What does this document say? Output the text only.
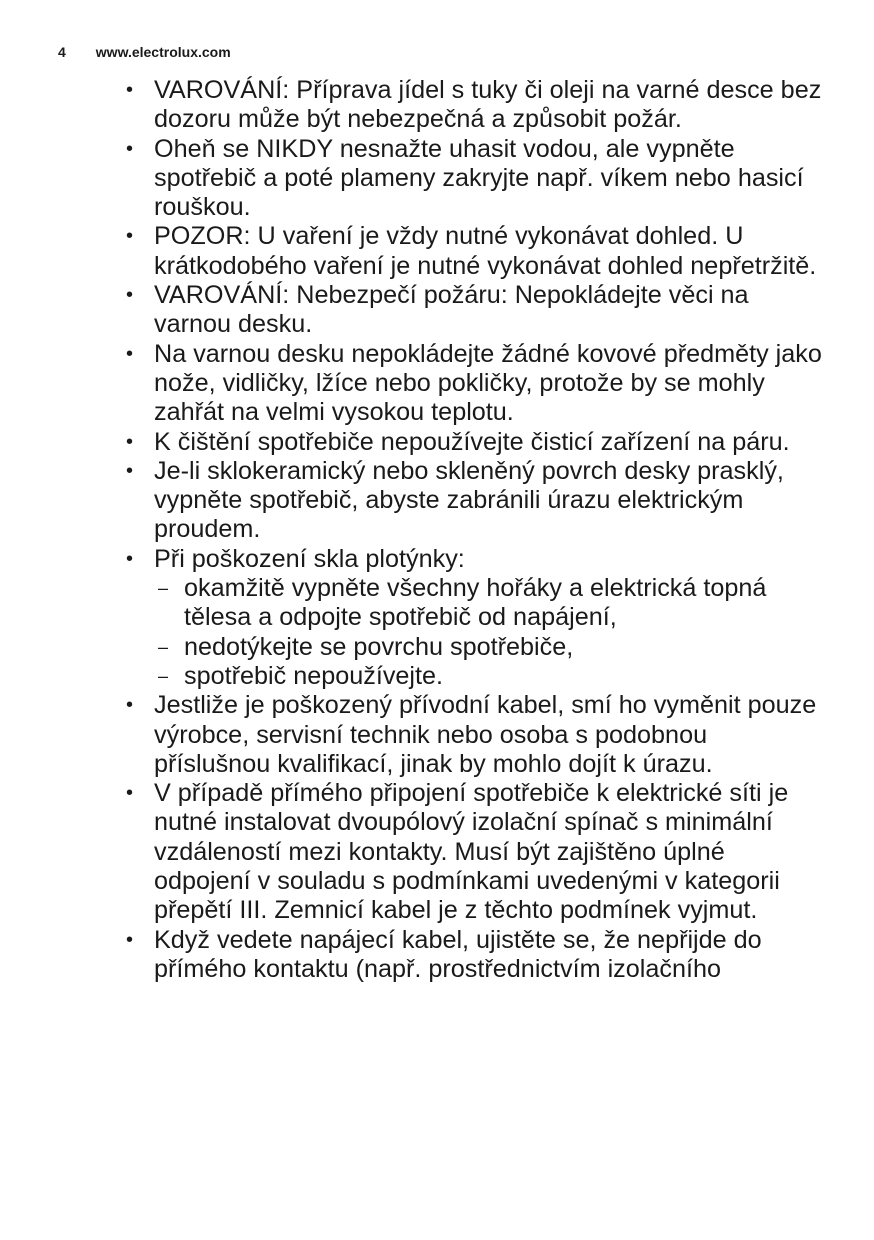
4 www.electrolux.com
• VAROVÁNÍ: Příprava jídel s tuky či oleji na varné desce bez dozoru může být nebezpečná a způsobit požár.
• Oheň se NIKDY nesnažte uhasit vodou, ale vypněte spotřebič a poté plameny zakryjte např. víkem nebo hasicí rouškou.
• POZOR: U vaření je vždy nutné vykonávat dohled. U krátkodobého vaření je nutné vykonávat dohled nepřetržitě.
• VAROVÁNÍ: Nebezpečí požáru: Nepokládejte věci na varnou desku.
• Na varnou desku nepokládejte žádné kovové předměty jako nože, vidličky, lžíce nebo pokličky, protože by se mohly zahřát na velmi vysokou teplotu.
• K čištění spotřebiče nepoužívejte čisticí zařízení na páru.
• Je-li sklokeramický nebo skleněný povrch desky prasklý, vypněte spotřebič, abyste zabránili úrazu elektrickým proudem.
• Při poškození skla plotýnky:
– okamžitě vypněte všechny hořáky a elektrická topná tělesa a odpojte spotřebič od napájení,
– nedotýkejte se povrchu spotřebiče,
– spotřebič nepoužívejte.
• Jestliže je poškozený přívodní kabel, smí ho vyměnit pouze výrobce, servisní technik nebo osoba s podobnou příslušnou kvalifikací, jinak by mohlo dojít k úrazu.
• V případě přímého připojení spotřebiče k elektrické síti je nutné instalovat dvoupólový izolační spínač s minimální vzdáleností mezi kontakty. Musí být zajištěno úplné odpojení v souladu s podmínkami uvedenými v kategorii přepětí III. Zemnicí kabel je z těchto podmínek vyjmut.
• Když vedete napájecí kabel, ujistěte se, že nepřijde do přímého kontaktu (např. prostřednictvím izolačního
